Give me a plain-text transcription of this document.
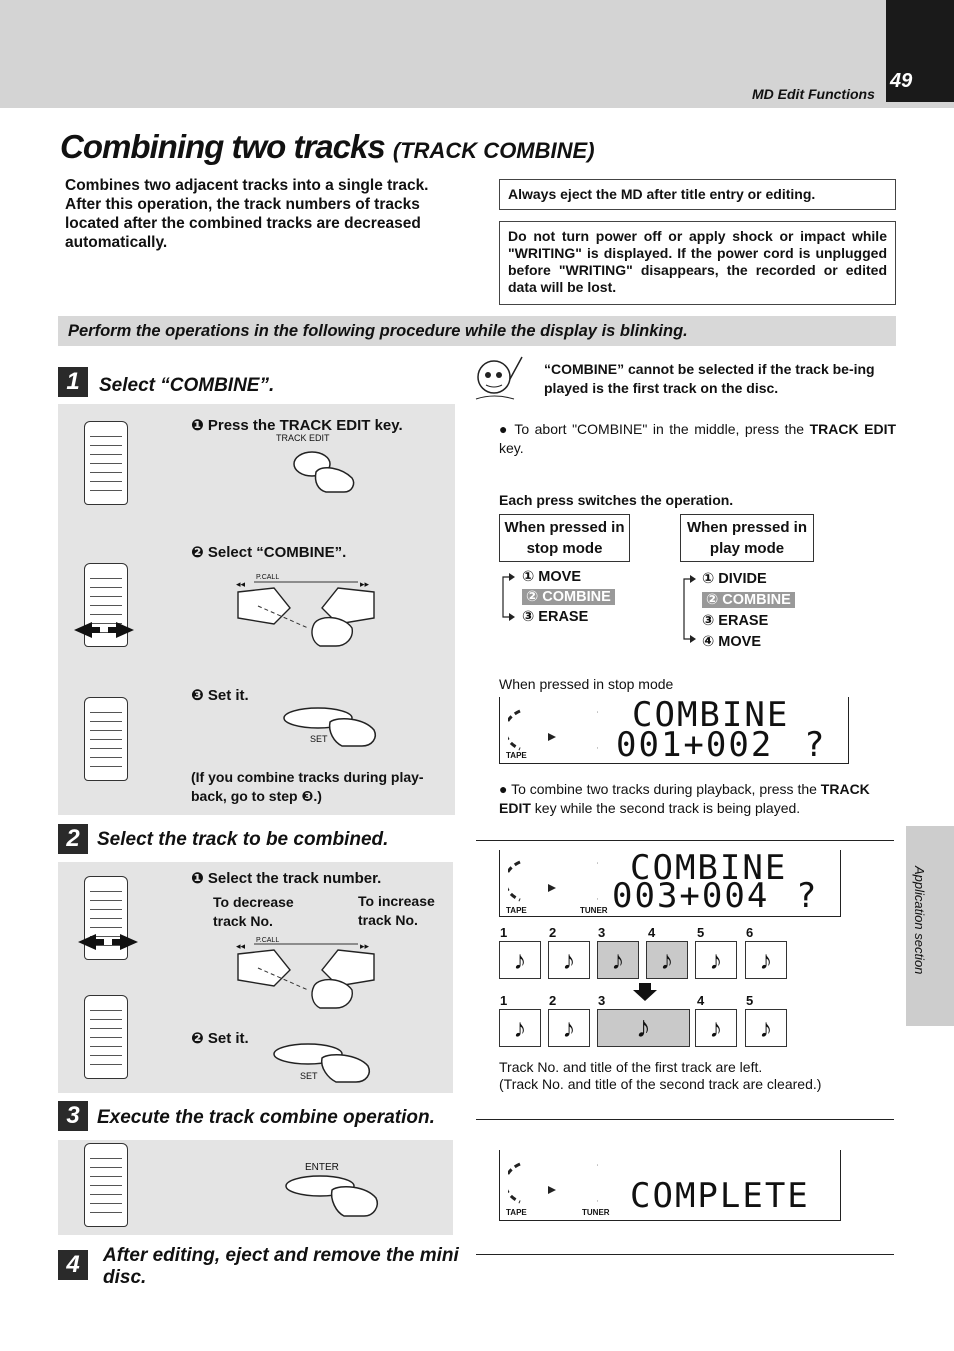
49
MD Edit Functions
Combining two tracks (TRACK COMBINE)
Combines two adjacent tracks into a single track. After this operation, the track numbers of tracks located after the combined tracks are decreased automatically.
Always eject the MD after title entry or editing.
Do not turn power off or apply shock or impact while "WRITING" is displayed. If the power cord is unplugged before "WRITING" disappears, the recorded or edited data will be lost.
Perform the operations in the following procedure while the display is blinking.
1	Select “COMBINE”.
❶ Press the TRACK EDIT key.
TRACK EDIT
❷ Select “COMBINE”.
P.CALL
◂◂	▸▸
❸ Set it.
SET
(If you combine tracks during play-back, go to step ❸.)
“COMBINE” cannot be selected if the track be-ing played is the first track on the disc.
● To abort "COMBINE" in the middle, press the TRACK EDIT key.
Each press switches the operation.
When pressed in stop mode
When pressed in play mode
① MOVE
② COMBINE
③ ERASE
① DIVIDE
② COMBINE
③ ERASE
④ MOVE
When pressed in stop mode
COMBINE
001+002 ?
TAPE
● To combine two tracks during playback, press the TRACK EDIT key while the second track is being played.
2 Select the track to be combined.
❶ Select the track number.
To decrease track No.
To increase track No.
P.CALL
◂◂	▸▸
❷ Set it.
SET
COMBINE
003+004 ?
TAPE	TUNER
1	2	3	4	5	6
♪	♪	♪	♪	♪	♪
1	2	3	4	5
♪	♪	♪	♪	♪
Track No. and title of the first track are left.
(Track No. and title of the second track are cleared.)
3 Execute the track combine operation.
ENTER
COMPLETE
TAPE	TUNER
4	After editing, eject and remove the mini disc.
Application section
